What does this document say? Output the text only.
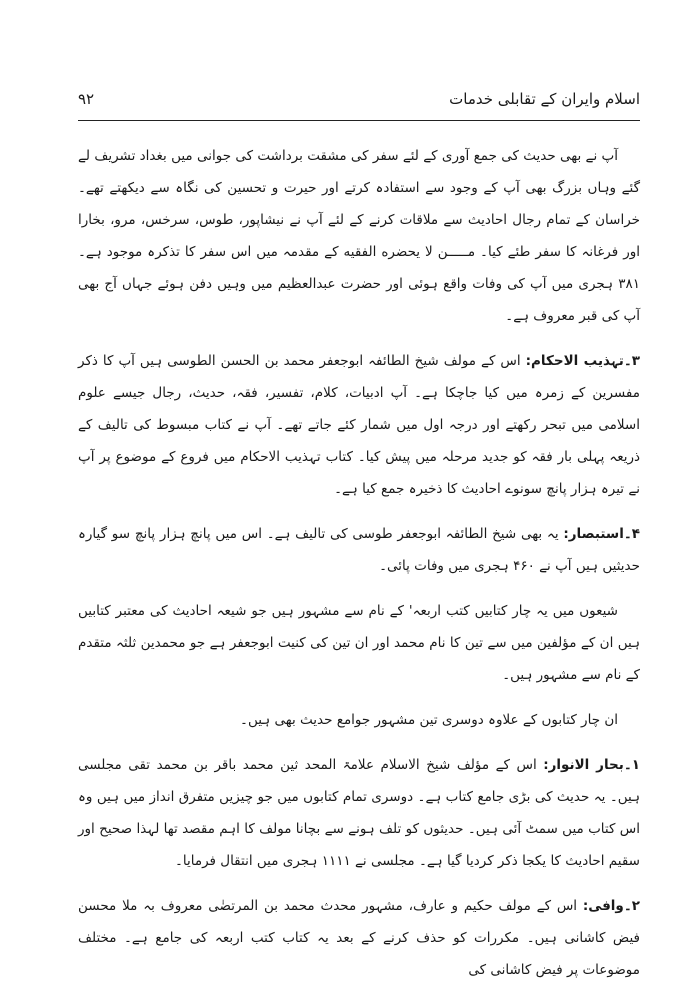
اسلام وایران کے تقابلی خدمات
۹۲

آپ نے بھی حدیث کی جمع آوری کے لئے سفر کی مشقت برداشت کی جوانی میں بغداد تشریف لے گئے وہاں بزرگ بھی آپ کے وجود سے استفادہ کرتے اور حیرت و تحسین کی نگاہ سے دیکھتے تھے۔ خراسان کے تمام رجال احادیث سے ملاقات کرنے کے لئے آپ نے نیشاپور، طوس، سرخس، مرو، بخارا اور فرغانہ کا سفر طئے کیا۔ مـــــن لا یحضره الفقیه کے مقدمہ میں اس سفر کا تذکرہ موجود ہے۔ ۳۸۱ ہجری میں آپ کی وفات واقع ہوئی اور حضرت عبدالعظیم میں وہیں دفن ہوئے جہاں آج بھی آپ کی قبر معروف ہے۔

۳۔تہذیب الاحکام: اس کے مولف شیخ الطائفہ ابوجعفر محمد بن الحسن الطوسی ہیں آپ کا ذکر مفسرین کے زمرہ میں کیا جاچکا ہے۔ آپ ادبیات، کلام، تفسیر، فقہ، حدیث، رجال جیسے علوم اسلامی میں تبحر رکھتے اور درجہ اول میں شمار کئے جاتے تھے۔ آپ نے کتاب مبسوط کی تالیف کے ذریعہ پہلی بار فقہ کو جدید مرحلہ میں پیش کیا۔ کتاب تہذیب الاحکام میں فروع کے موضوع پر آپ نے تیرہ ہزار پانچ سونوے احادیث کا ذخیرہ جمع کیا ہے۔

۴۔استبصار: یہ بھی شیخ الطائفہ ابوجعفر طوسی کی تالیف ہے۔ اس میں پانچ ہزار پانچ سو گیارہ حدیثیں ہیں آپ نے ۴۶۰ ہجری میں وفات پائی۔

شیعوں میں یہ چار کتابیں کتب اربعہ' کے نام سے مشہور ہیں جو شیعہ احادیث کی معتبر کتابیں ہیں ان کے مؤلفین میں سے تین کا نام محمد اور ان تین کی کنیت ابوجعفر ہے جو محمدین ثلثہ متقدم کے نام سے مشہور ہیں۔

ان چار کتابوں کے علاوہ دوسری تین مشہور جوامع حدیث بھی ہیں۔

۱۔بحار الانوار: اس کے مؤلف شیخ الاسلام علامۃ المحد ثین محمد باقر بن محمد تقی مجلسی ہیں۔ یہ حدیث کی بڑی جامع کتاب ہے۔ دوسری تمام کتابوں میں جو چیزیں متفرق انداز میں ہیں وہ اس کتاب میں سمٹ آئی ہیں۔ حدیثوں کو تلف ہونے سے بچانا مولف کا اہم مقصد تھا لہذا صحیح اور سقیم احادیث کا یکجا ذکر کردیا گیا ہے۔ مجلسی نے ۱۱۱۱ ہجری میں انتقال فرمایا۔

۲۔وافی: اس کے مولف حکیم و عارف، مشہور محدث محمد بن المرتضٰی معروف بہ ملا محسن فیض کاشانی ہیں۔ مکررات کو حذف کرنے کے بعد یہ کتاب کتب اربعہ کی جامع ہے۔ مختلف موضوعات پر فیض کاشانی کی
